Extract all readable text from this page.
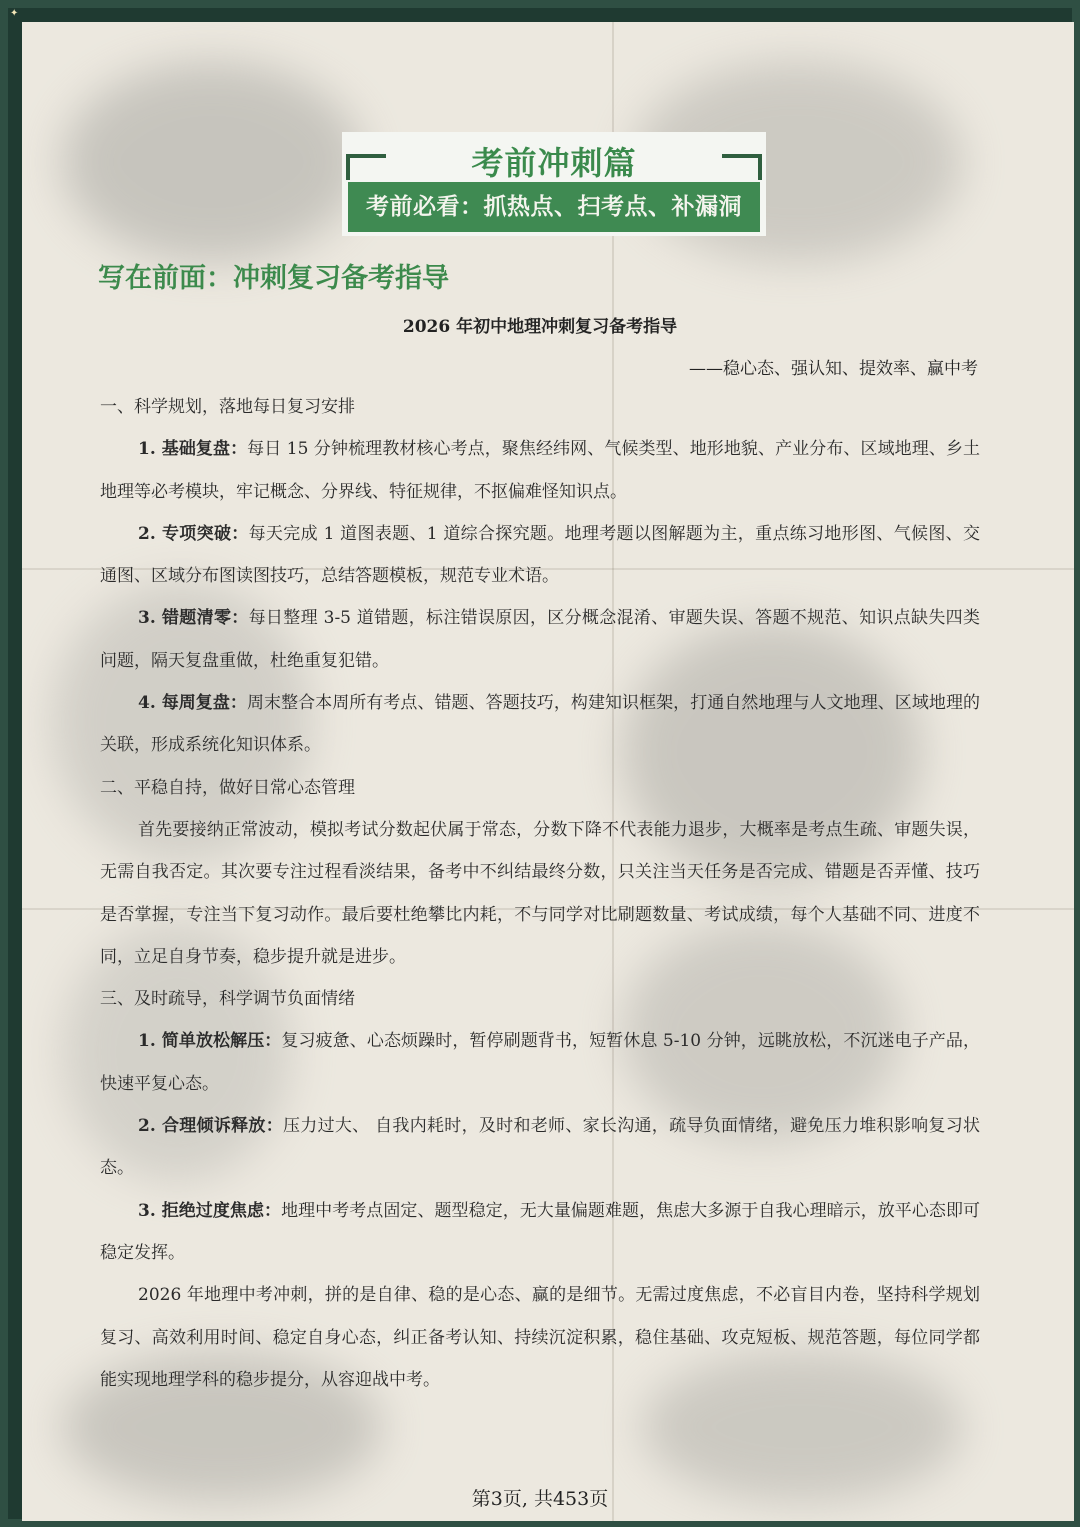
✦
考前冲刺篇
考前必看：抓热点、扫考点、补漏洞
写在前面：冲刺复习备考指导
2026 年初中地理冲刺复习备考指导
——稳心态、强认知、提效率、赢中考

一、科学规划，落地每日复习安排

1. 基础复盘：每日 15 分钟梳理教材核心考点，聚焦经纬网、气候类型、地形地貌、产业分布、区域地理、乡土地理等必考模块，牢记概念、分界线、特征规律，不抠偏难怪知识点。

2. 专项突破：每天完成 1 道图表题、1 道综合探究题。地理考题以图解题为主，重点练习地形图、气候图、交通图、区域分布图读图技巧，总结答题模板，规范专业术语。

3. 错题清零：每日整理 3-5 道错题，标注错误原因，区分概念混淆、审题失误、答题不规范、知识点缺失四类问题，隔天复盘重做，杜绝重复犯错。

4. 每周复盘：周末整合本周所有考点、错题、答题技巧，构建知识框架，打通自然地理与人文地理、区域地理的关联，形成系统化知识体系。

二、平稳自持，做好日常心态管理

首先要接纳正常波动，模拟考试分数起伏属于常态，分数下降不代表能力退步，大概率是考点生疏、审题失误，无需自我否定。其次要专注过程看淡结果，备考中不纠结最终分数，只关注当天任务是否完成、错题是否弄懂、技巧是否掌握，专注当下复习动作。最后要杜绝攀比内耗，不与同学对比刷题数量、考试成绩，每个人基础不同、进度不同，立足自身节奏，稳步提升就是进步。

三、及时疏导，科学调节负面情绪

1. 简单放松解压：复习疲惫、心态烦躁时，暂停刷题背书，短暂休息 5-10 分钟，远眺放松，不沉迷电子产品，快速平复心态。

2. 合理倾诉释放：压力过大、 自我内耗时，及时和老师、家长沟通，疏导负面情绪，避免压力堆积影响复习状态。

3. 拒绝过度焦虑：地理中考考点固定、题型稳定，无大量偏题难题，焦虑大多源于自我心理暗示，放平心态即可稳定发挥。

2026 年地理中考冲刺，拼的是自律、稳的是心态、赢的是细节。无需过度焦虑，不必盲目内卷，坚持科学规划复习、高效利用时间、稳定自身心态，纠正备考认知、持续沉淀积累，稳住基础、攻克短板、规范答题，每位同学都能实现地理学科的稳步提分，从容迎战中考。

第3页, 共453页
